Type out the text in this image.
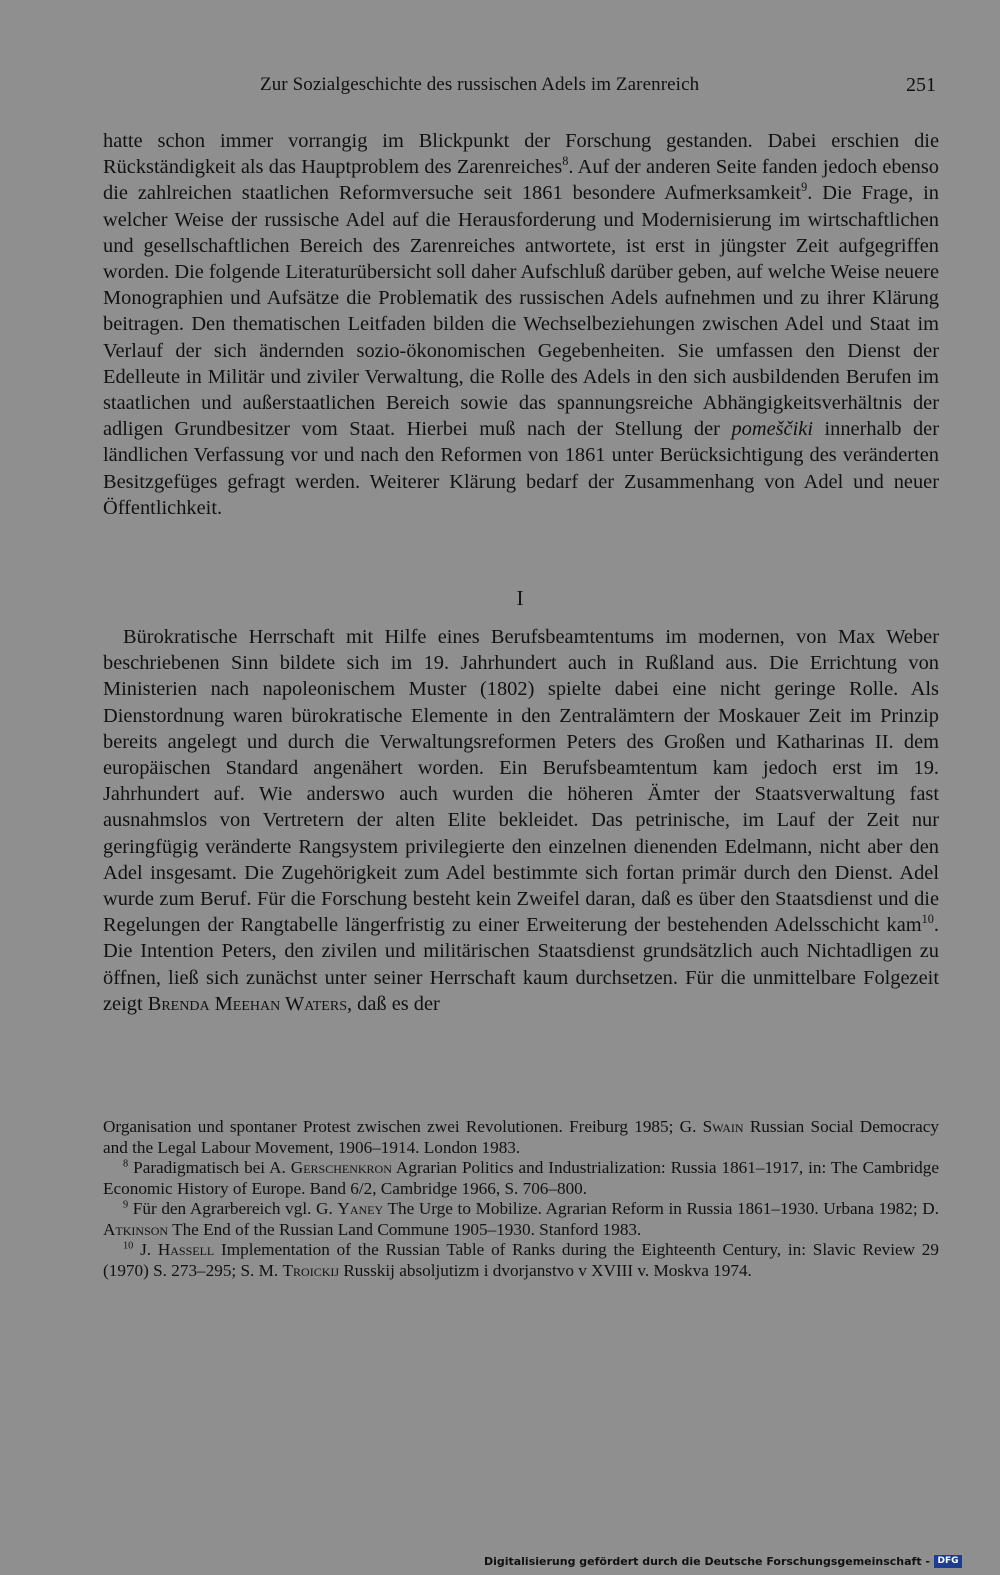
Zur Sozialgeschichte des russischen Adels im Zarenreich	251

hatte schon immer vorrangig im Blickpunkt der Forschung gestanden. Dabei erschien die Rückständigkeit als das Hauptproblem des Zarenreiches$^8$. Auf der anderen Seite fanden jedoch ebenso die zahlreichen staatlichen Reformversuche seit 1861 besondere Aufmerksamkeit$^9$. Die Frage, in welcher Weise der russische Adel auf die Herausforderung und Modernisierung im wirtschaftlichen und gesellschaftlichen Bereich des Zarenreiches antwortete, ist erst in jüngster Zeit aufgegriffen worden. Die folgende Literaturübersicht soll daher Aufschluß darüber geben, auf welche Weise neuere Monographien und Aufsätze die Problematik des russischen Adels aufnehmen und zu ihrer Klärung beitragen. Den thematischen Leitfaden bilden die Wechselbeziehungen zwischen Adel und Staat im Verlauf der sich ändernden sozio-ökonomischen Gegebenheiten. Sie umfassen den Dienst der Edelleute in Militär und ziviler Verwaltung, die Rolle des Adels in den sich ausbildenden Berufen im staatlichen und außerstaatlichen Bereich sowie das spannungsreiche Abhängigkeitsverhältnis der adligen Grundbesitzer vom Staat. Hierbei muß nach der Stellung der pomeščiki innerhalb der ländlichen Verfassung vor und nach den Reformen von 1861 unter Berücksichtigung des veränderten Besitzgefüges gefragt werden. Weiterer Klärung bedarf der Zusammenhang von Adel und neuer Öffentlichkeit.

I

Bürokratische Herrschaft mit Hilfe eines Berufsbeamtentums im modernen, von Max Weber beschriebenen Sinn bildete sich im 19. Jahrhundert auch in Rußland aus. Die Errichtung von Ministerien nach napoleonischem Muster (1802) spielte dabei eine nicht geringe Rolle. Als Dienstordnung waren bürokratische Elemente in den Zentralämtern der Moskauer Zeit im Prinzip bereits angelegt und durch die Verwaltungsreformen Peters des Großen und Katharinas II. dem europäischen Standard angenähert worden. Ein Berufsbeamtentum kam jedoch erst im 19. Jahrhundert auf. Wie anderswo auch wurden die höheren Ämter der Staatsverwaltung fast ausnahmslos von Vertretern der alten Elite bekleidet. Das petrinische, im Lauf der Zeit nur geringfügig veränderte Rangsystem privilegierte den einzelnen dienenden Edelmann, nicht aber den Adel insgesamt. Die Zugehörigkeit zum Adel bestimmte sich fortan primär durch den Dienst. Adel wurde zum Beruf. Für die Forschung besteht kein Zweifel daran, daß es über den Staatsdienst und die Regelungen der Rangtabelle längerfristig zu einer Erweiterung der bestehenden Adelsschicht kam$^{10}$. Die Intention Peters, den zivilen und militärischen Staatsdienst grundsätzlich auch Nichtadligen zu öffnen, ließ sich zunächst unter seiner Herrschaft kaum durchsetzen. Für die unmittelbare Folgezeit zeigt Brenda Meehan Waters, daß es der

Organisation und spontaner Protest zwischen zwei Revolutionen. Freiburg 1985; G. Swain Russian Social Democracy and the Legal Labour Movement, 1906–1914. London 1983.

$^8$ Paradigmatisch bei A. Gerschenkron Agrarian Politics and Industrialization: Russia 1861–1917, in: The Cambridge Economic History of Europe. Band 6/2, Cambridge 1966, S. 706–800.

$^9$ Für den Agrarbereich vgl. G. Yaney The Urge to Mobilize. Agrarian Reform in Russia 1861–1930. Urbana 1982; D. Atkinson The End of the Russian Land Commune 1905–1930. Stanford 1983.

$^{10}$ J. Hassell Implementation of the Russian Table of Ranks during the Eighteenth Century, in: Slavic Review 29 (1970) S. 273–295; S. M. Troickij Russkij absoljutizm i dvorjanstvo v XVIII v. Moskva 1974.

Digitalisierung gefördert durch die Deutsche Forschungsgemeinschaft - DFG
